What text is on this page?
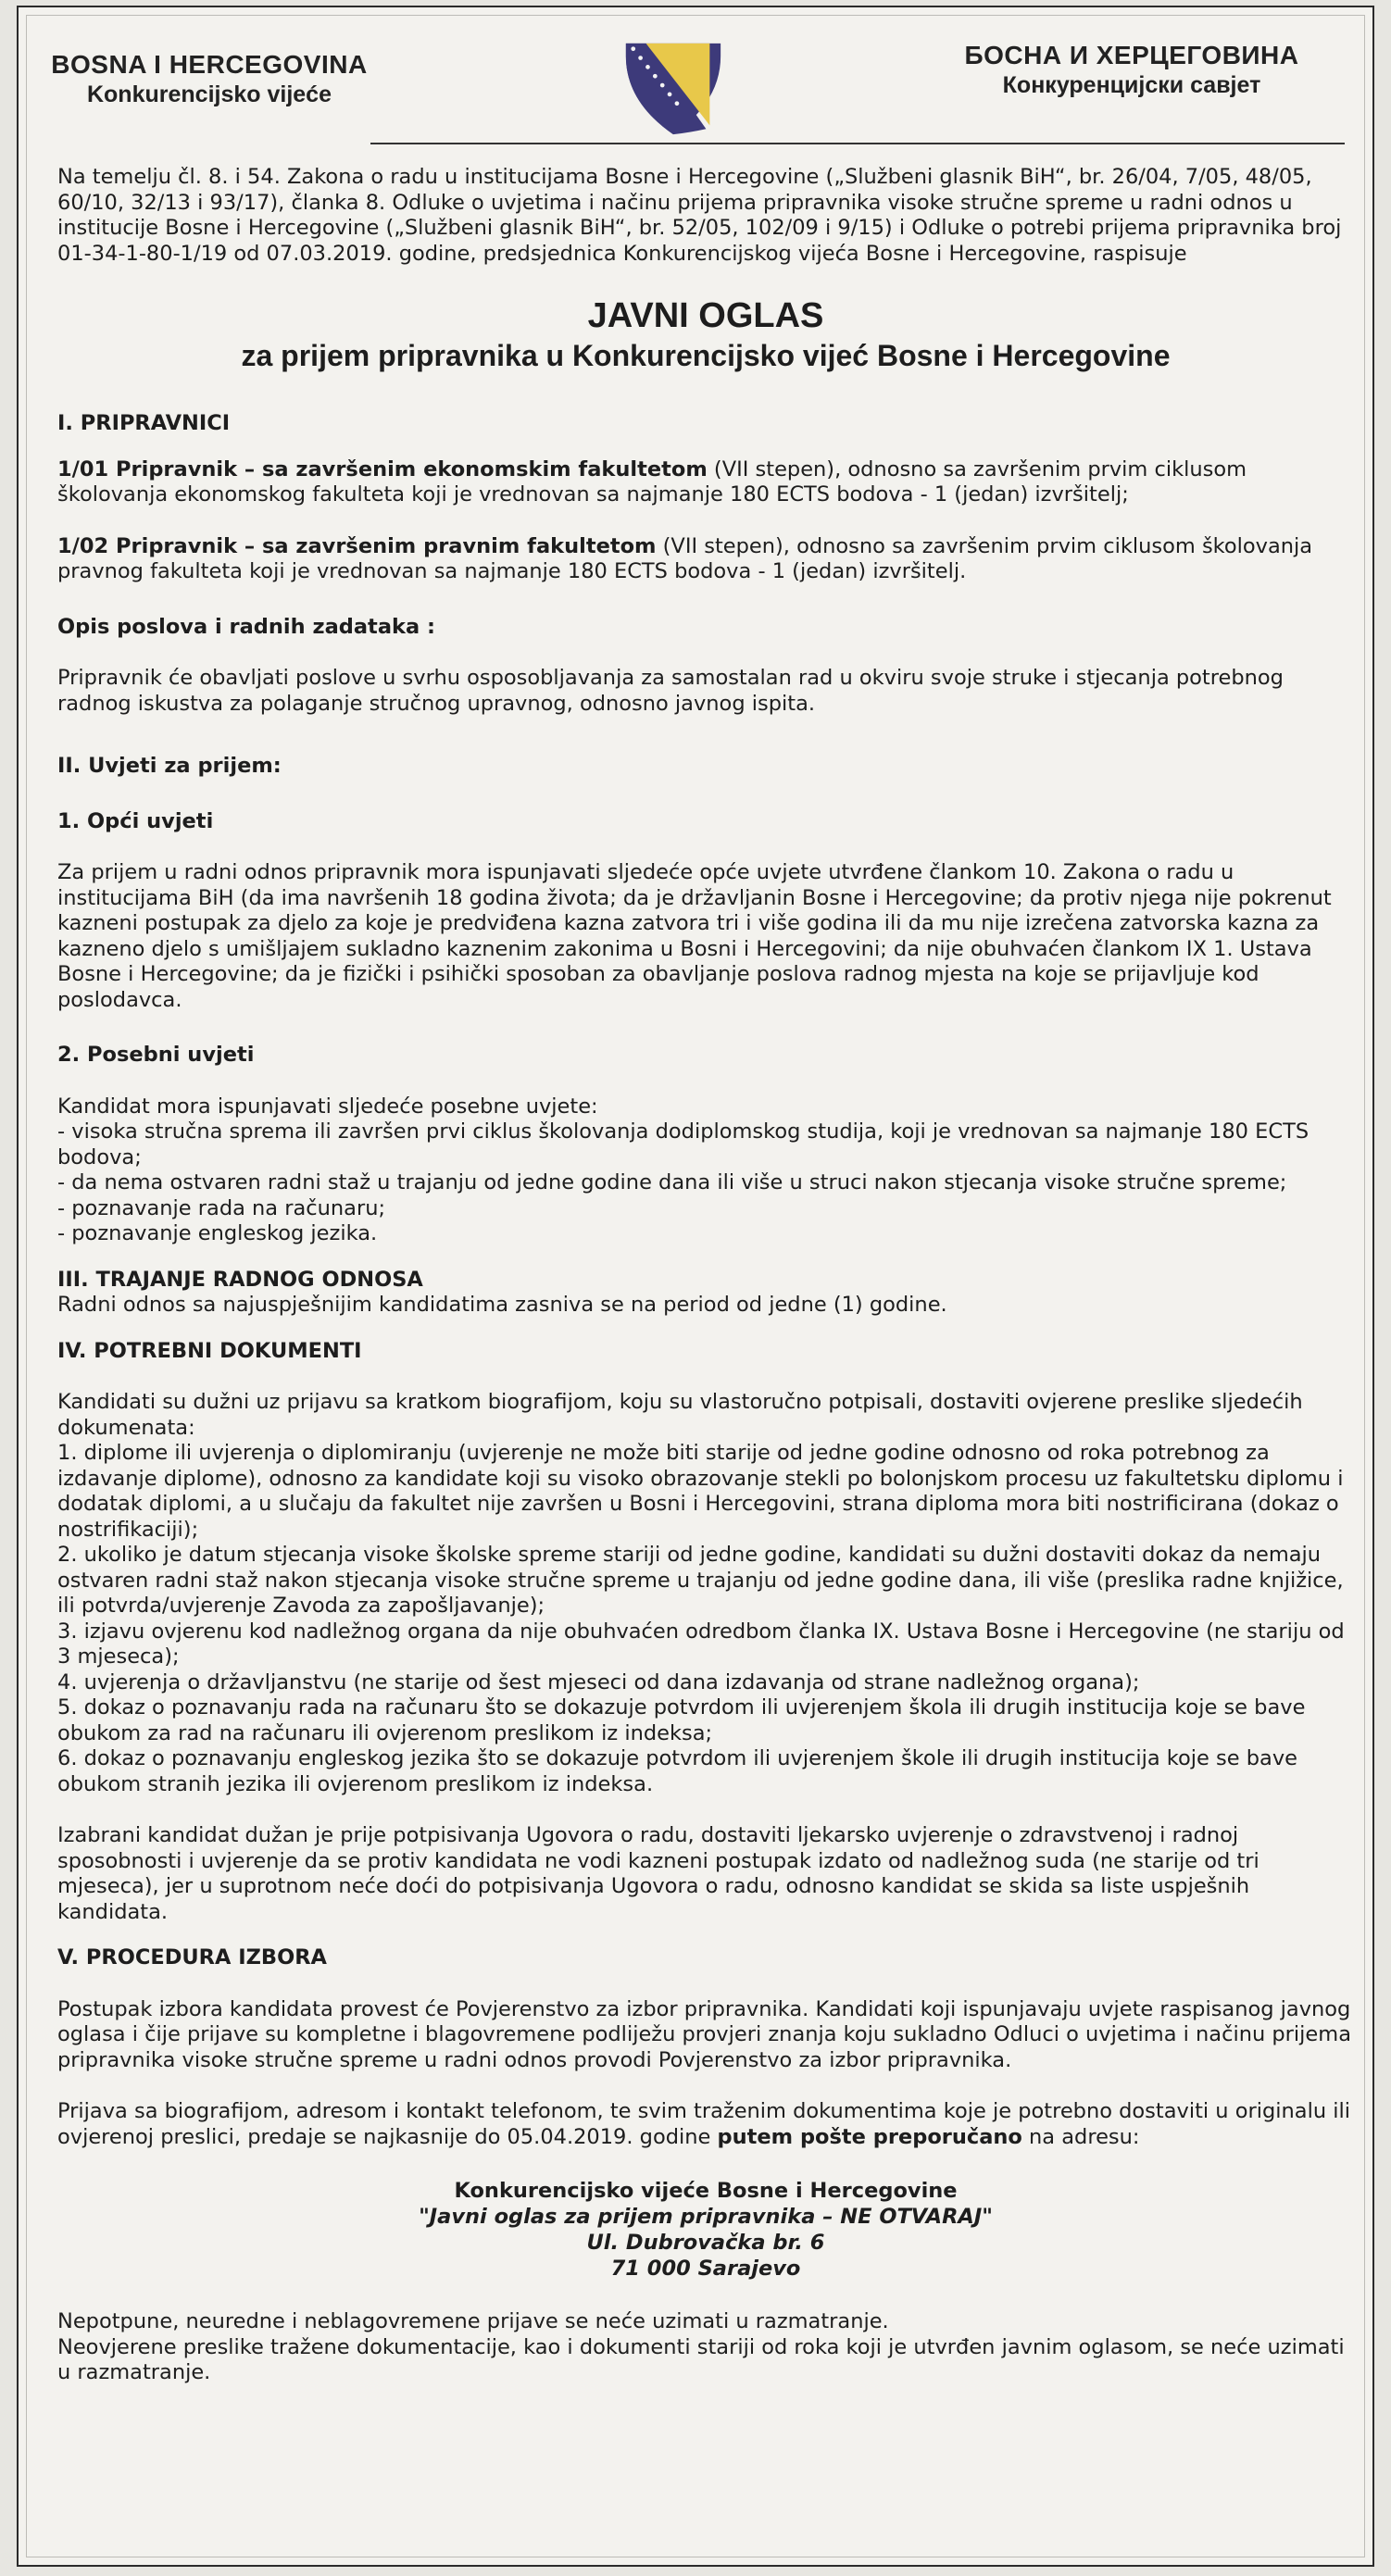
BOSNA I HERCEGOVINA
Konkurencijsko vijeće
БОСНА И ХЕРЦЕГОВИНА
Конкуренцијски савјет

Na temelju čl. 8. i 54. Zakona o radu u institucijama Bosne i Hercegovine („Službeni glasnik BiH“, br. 26/04, 7/05, 48/05, 60/10, 32/13 i 93/17), članka 8. Odluke o uvjetima i načinu prijema pripravnika visoke stručne spreme u radni odnos u institucije Bosne i Hercegovine („Službeni glasnik BiH“, br. 52/05, 102/09 i 9/15) i Odluke o potrebi prijema pripravnika broj 01-34-1-80-1/19 od 07.03.2019. godine, predsjednica Konkurencijskog vijeća Bosne i Hercegovine, raspisuje

JAVNI OGLAS
za prijem pripravnika u Konkurencijsko vijeć Bosne i Hercegovine

I. PRIPRAVNICI

1/01 Pripravnik – sa završenim ekonomskim fakultetom (VII stepen), odnosno sa završenim prvim ciklusom školovanja ekonomskog fakulteta koji je vrednovan sa najmanje 180 ECTS bodova - 1 (jedan) izvršitelj;

1/02 Pripravnik – sa završenim pravnim fakultetom (VII stepen), odnosno sa završenim prvim ciklusom školovanja pravnog fakulteta koji je vrednovan sa najmanje 180 ECTS bodova - 1 (jedan) izvršitelj.

Opis poslova i radnih zadataka :

Pripravnik će obavljati poslove u svrhu osposobljavanja za samostalan rad u okviru svoje struke i stjecanja potrebnog radnog iskustva za polaganje stručnog upravnog, odnosno javnog ispita.

II. Uvjeti za prijem:

1. Opći uvjeti

Za prijem u radni odnos pripravnik mora ispunjavati sljedeće opće uvjete utvrđene člankom 10. Zakona o radu u institucijama BiH (da ima navršenih 18 godina života; da je državljanin Bosne i Hercegovine; da protiv njega nije pokrenut kazneni postupak za djelo za koje je predviđena kazna zatvora tri i više godina ili da mu nije izrečena zatvorska kazna za kazneno djelo s umišljajem sukladno kaznenim zakonima u Bosni i Hercegovini; da nije obuhvaćen člankom IX 1. Ustava Bosne i Hercegovine; da je fizički i psihički sposoban za obavljanje poslova radnog mjesta na koje se prijavljuje kod poslodavca.

2. Posebni uvjeti

Kandidat mora ispunjavati sljedeće posebne uvjete:

- visoka stručna sprema ili završen prvi ciklus školovanja dodiplomskog studija, koji je vrednovan sa najmanje 180 ECTS bodova;

- da nema ostvaren radni staž u trajanju od jedne godine dana ili više u struci nakon stjecanja visoke stručne spreme;

- poznavanje rada na računaru;

- poznavanje engleskog jezika.

III. TRAJANJE RADNOG ODNOSA

Radni odnos sa najuspješnijim kandidatima zasniva se na period od jedne (1) godine.

IV. POTREBNI DOKUMENTI

Kandidati su dužni uz prijavu sa kratkom biografijom, koju su vlastoručno potpisali, dostaviti ovjerene preslike sljedećih dokumenata:

1. diplome ili uvjerenja o diplomiranju (uvjerenje ne može biti starije od jedne godine odnosno od roka potrebnog za izdavanje diplome), odnosno za kandidate koji su visoko obrazovanje stekli po bolonjskom procesu uz fakultetsku diplomu i dodatak diplomi, a u slučaju da fakultet nije završen u Bosni i Hercegovini, strana diploma mora biti nostrificirana (dokaz o nostrifikaciji);

2. ukoliko je datum stjecanja visoke školske spreme stariji od jedne godine, kandidati su dužni dostaviti dokaz da nemaju ostvaren radni staž nakon stjecanja visoke stručne spreme u trajanju od jedne godine dana, ili više (preslika radne knjižice, ili potvrda/uvjerenje Zavoda za zapošljavanje);

3. izjavu ovjerenu kod nadležnog organa da nije obuhvaćen odredbom članka IX. Ustava Bosne i Hercegovine (ne stariju od 3 mjeseca);

4. uvjerenja o državljanstvu (ne starije od šest mjeseci od dana izdavanja od strane nadležnog organa);

5. dokaz o poznavanju rada na računaru što se dokazuje potvrdom ili uvjerenjem škola ili drugih institucija koje se bave obukom za rad na računaru ili ovjerenom preslikom iz indeksa;

6. dokaz o poznavanju engleskog jezika što se dokazuje potvrdom ili uvjerenjem škole ili drugih institucija koje se bave obukom stranih jezika ili ovjerenom preslikom iz indeksa.

Izabrani kandidat dužan je prije potpisivanja Ugovora o radu, dostaviti ljekarsko uvjerenje o zdravstvenoj i radnoj sposobnosti i uvjerenje da se protiv kandidata ne vodi kazneni postupak izdato od nadležnog suda (ne starije od tri mjeseca), jer u suprotnom neće doći do potpisivanja Ugovora o radu, odnosno kandidat se skida sa liste uspješnih kandidata.

V. PROCEDURA IZBORA

Postupak izbora kandidata provest će Povjerenstvo za izbor pripravnika. Kandidati koji ispunjavaju uvjete raspisanog javnog oglasa i čije prijave su kompletne i blagovremene podliježu provjeri znanja koju sukladno Odluci o uvjetima i načinu prijema pripravnika visoke stručne spreme u radni odnos provodi Povjerenstvo za izbor pripravnika.

Prijava sa biografijom, adresom i kontakt telefonom, te svim traženim dokumentima koje je potrebno dostaviti u originalu ili ovjerenoj preslici, predaje se najkasnije do 05.04.2019. godine putem pošte preporučano na adresu:

Konkurencijsko vijeće Bosne i Hercegovine
"Javni oglas za prijem pripravnika – NE OTVARAJ"
Ul. Dubrovačka br. 6
71 000 Sarajevo

Nepotpune, neuredne i neblagovremene prijave se neće uzimati u razmatranje.

Neovjerene preslike tražene dokumentacije, kao i dokumenti stariji od roka koji je utvrđen javnim oglasom, se neće uzimati u razmatranje.
